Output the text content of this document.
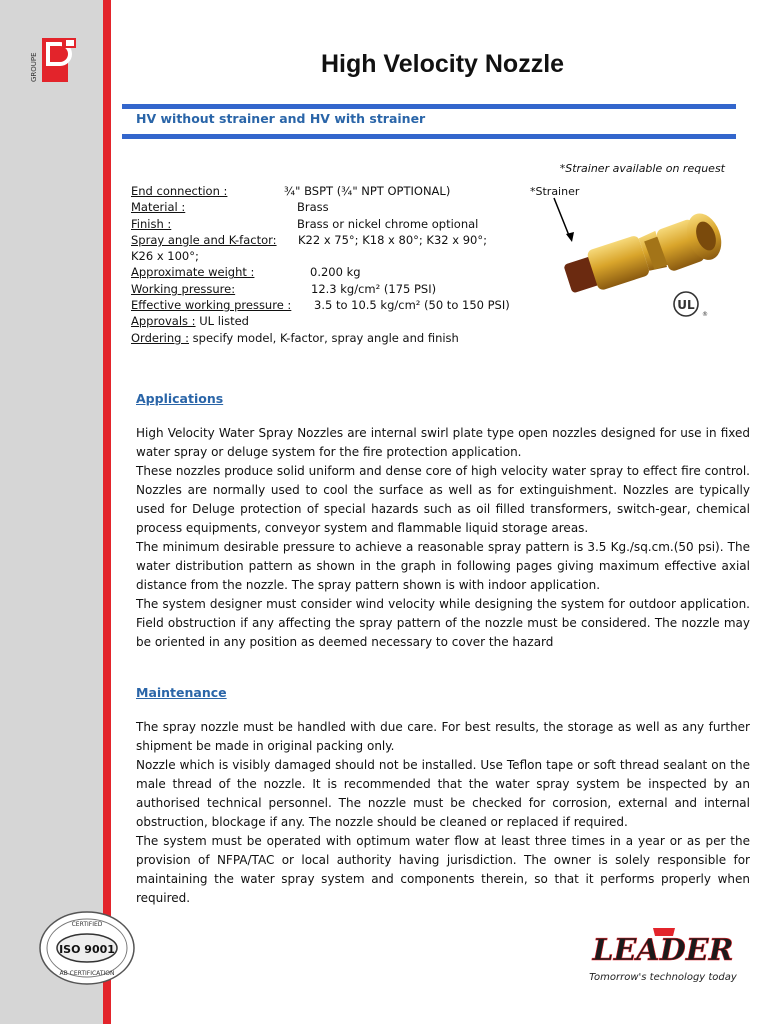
GROUPE	High Velocity Nozzle
HV without strainer and HV with strainer
*Strainer available on request
End connection :	¾" BSPT (¾" NPT OPTIONAL)
Material :	Brass
Finish :	Brass or nickel chrome optional
Spray angle and K-factor: K22 x 75°; K18 x 80°; K32 x 90°;
K26 x 100°;
Approximate weight :	0.200 kg
Working pressure:	12.3 kg/cm² (175 PSI)
Effective working pressure : 3.5 to 10.5 kg/cm² (50 to 150 PSI)
Approvals : UL listed
Ordering : specify model, K-factor, spray angle and finish
*Strainer
UL
®
Applications

High Velocity Water Spray Nozzles are internal swirl plate type open nozzles designed for use in fixed water spray or deluge system for the fire protection application.

These nozzles produce solid uniform and dense core of high velocity water spray to effect fire control. Nozzles are normally used to cool the surface as well as for extinguishment. Nozzles are typically used for Deluge protection of special hazards such as oil filled transformers, switch-gear, chemical process equipments, conveyor system and flammable liquid storage areas.

The minimum desirable pressure to achieve a reasonable spray pattern is 3.5 Kg./sq.cm.(50 psi). The water distribution pattern as shown in the graph in following pages giving maximum effective axial distance from the nozzle. The spray pattern shown is with indoor application.

The system designer must consider wind velocity while designing the system for outdoor application. Field obstruction if any affecting the spray pattern of the nozzle must be considered. The nozzle may be oriented in any position as deemed necessary to cover the hazard

Maintenance

The spray nozzle must be handled with due care. For best results, the storage as well as any further shipment be made in original packing only.

Nozzle which is visibly damaged should not be installed. Use Teflon tape or soft thread sealant on the male thread of the nozzle. It is recommended that the water spray system be inspected by an authorised technical personnel. The nozzle must be checked for corrosion, external and internal obstruction, blockage if any. The nozzle should be cleaned or replaced if required.

The system must be operated with optimum water flow at least three times in a year or as per the provision of NFPA/TAC or local authority having jurisdiction. The owner is solely responsible for maintaining the water spray system and components therein, so that it performs properly when required.

CERTIFIED
ISO 9001
AB CERTIFICATION
LEADER
Tomorrow's technology today
